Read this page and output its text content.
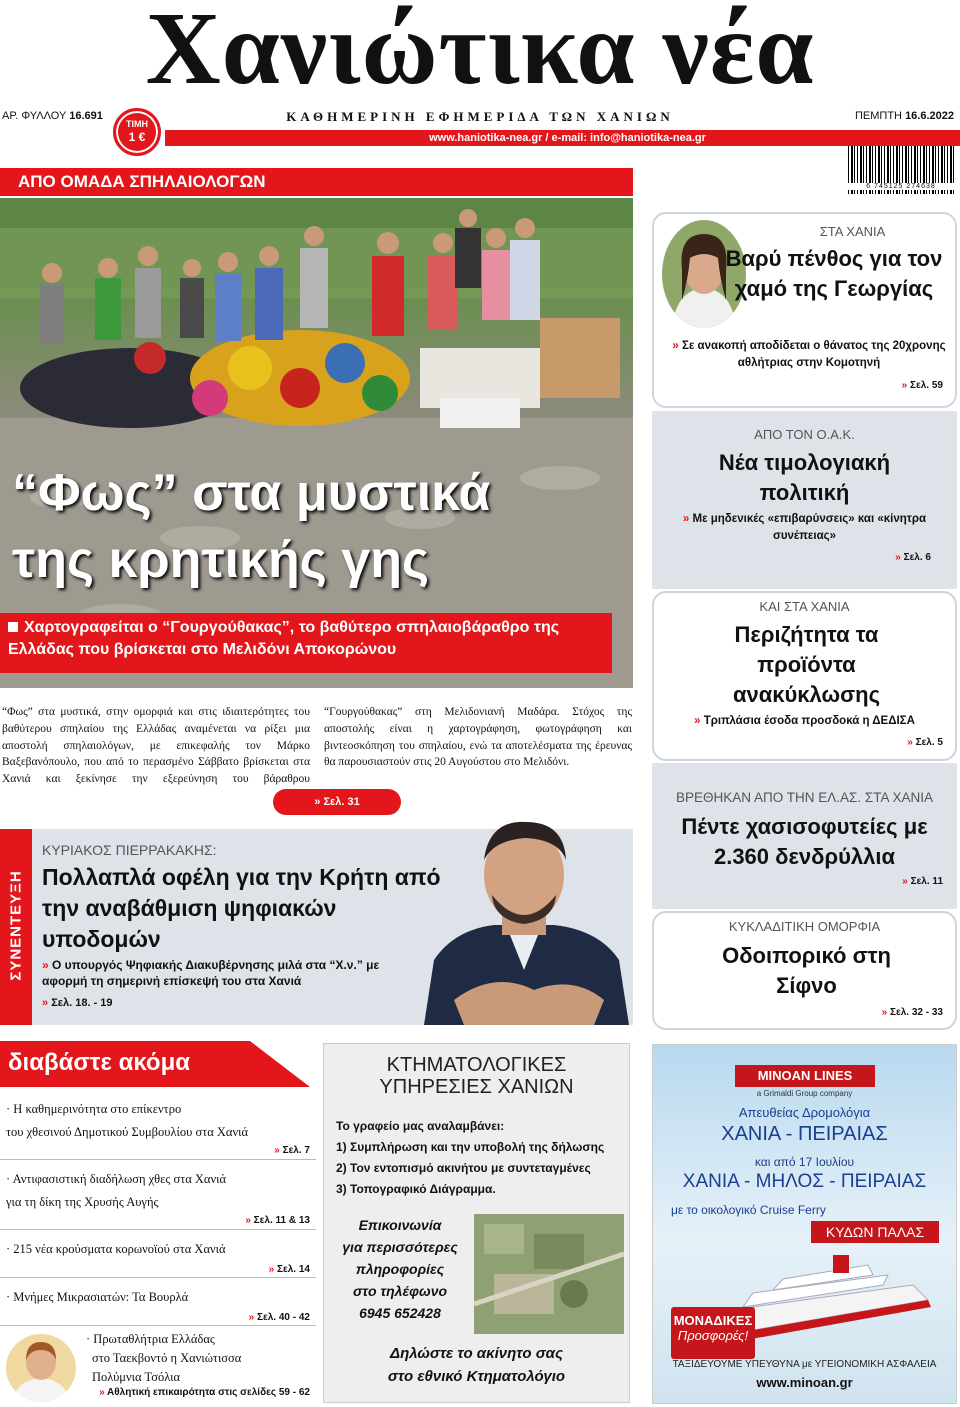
Χανιώτικα νέα
ΑΡ. ΦΥΛΛΟΥ 16.691	ΚΑΘΗΜΕΡΙΝΗ ΕΦΗΜΕΡΙΔΑ ΤΩΝ ΧΑΝΙΩΝ	ΠΕΜΠΤΗ 16.6.2022
www.haniotika-nea.gr / e-mail: info@haniotika-nea.gr
ΤΙΜΗ
1 €
6 745125 274638
ΑΠΟ ΟΜΑΔΑ ΣΠΗΛΑΙΟΛΟΓΩΝ
“Φως” στα μυστικά
της κρητικής γης
Χαρτογραφείται ο “Γουργούθακας”, το βαθύτερο σπηλαιοβάραθρο της Ελλάδας που βρίσκεται στο Μελιδόνι Αποκορώνου
“Φως” στα μυστικά, στην ομορφιά και στις ιδιαιτερότητες του βαθύτερου σπηλαίου της Ελλάδας αναμένεται να ρίξει μια αποστολή σπηλαιολόγων, με επικεφαλής τον Μάρκο Βαξεβανόπουλο, που από το περασμένο Σάββατο βρίσκεται στα Χανιά και ξεκίνησε την εξερεύνηση του βάραθρου “Γουργούθακας” στη Μελιδονιανή Μαδάρα. Στόχος της αποστολής είναι η χαρτογράφηση, φωτογράφηση και βιντεοσκόπηση του σπηλαίου, ενώ τα αποτελέσματα της έρευνας θα παρουσιαστούν στις 20 Αυγούστου στο Μελιδόνι.
» Σελ. 31
ΣΥΝΕΝΤΕΥΞΗ
ΚΥΡΙΑΚΟΣ ΠΙΕΡΡΑΚΑΚΗΣ:
Πολλαπλά οφέλη για την Κρήτη από την αναβάθμιση ψηφιακών υποδομών
» Ο υπουργός Ψηφιακής Διακυβέρνησης μιλά στα “Χ.ν.” με αφορμή τη σημερινή επίσκεψή του στα Χανιά
» Σελ. 18. - 19
ΣΤΑ ΧΑΝΙΑ
Βαρύ πένθος για τον χαμό της Γεωργίας
» Σε ανακοπή αποδίδεται ο θάνατος της 20χρονης αθλήτριας στην Κομοτηνή
» Σελ. 59
ΑΠΟ ΤΟΝ Ο.Α.Κ.
Νέα τιμολογιακή πολιτική
» Με μηδενικές «επιβαρύνσεις» και «κίνητρα συνέπειας»
» Σελ. 6
ΚΑΙ ΣΤΑ ΧΑΝΙΑ
Περιζήτητα τα προϊόντα ανακύκλωσης
» Τριπλάσια έσοδα προσδοκά η ΔΕΔΙΣΑ
» Σελ. 5
ΒΡΕΘΗΚΑΝ ΑΠΟ ΤΗΝ ΕΛ.ΑΣ. ΣΤΑ ΧΑΝΙΑ
Πέντε χασισοφυτείες με 2.360 δενδρύλλια
» Σελ. 11
ΚΥΚΛΑΔΙΤΙΚΗ ΟΜΟΡΦΙΑ
Οδοιπορικό στη Σίφνο
» Σελ. 32 - 33
διαβάστε ακόμα
· Η καθημερινότητα στο επίκεντρο
του χθεσινού Δημοτικού Συμβουλίου στα Χανιά
» Σελ. 7
· Αντιφασιστική διαδήλωση χθες στα Χανιά
για τη δίκη της Χρυσής Αυγής
» Σελ. 11 & 13
· 215 νέα κρούσματα κορωνοϊού στα Χανιά
» Σελ. 14
· Μνήμες Μικρασιατών: Τα Βουρλά
» Σελ. 40 - 42
· Πρωταθλήτρια Ελλάδας
στο Ταεκβοντό η Χανιώτισσα
Πολύμνια Τσόλια
» Αθλητική επικαιρότητα στις σελίδες 59 - 62
ΚΤΗΜΑΤΟΛΟΓΙΚΕΣ
ΥΠΗΡΕΣΙΕΣ ΧΑΝΙΩΝ
Το γραφείο μας αναλαμβάνει:
1) Συμπλήρωση και την υποβολή της δήλωσης
2) Τον εντοπισμό ακινήτου με συντεταγμένες
3) Τοπογραφικό Διάγραμμα.
Επικοινωνία
για περισσότερες
πληροφορίες
στο τηλέφωνο
6945 652428
Δηλώστε το ακίνητο σας
στο εθνικό Κτηματολόγιο
MINOAN LINES
a Grimaldi Group company
Απευθείας Δρομολόγια
ΧΑΝΙΑ - ΠΕΙΡΑΙΑΣ
και από 17 Ιουλίου
ΧΑΝΙΑ - ΜΗΛΟΣ - ΠΕΙΡΑΙΑΣ
με το οικολογικό Cruise Ferry
ΚΥΔΩΝ ΠΑΛΑΣ
ΜΟΝΑΔΙΚΕΣ
Προσφορές!
ΤΑΞΙΔΕΥΟΥΜΕ ΥΠΕΥΘΥΝΑ με ΥΓΕΙΟΝΟΜΙΚΗ ΑΣΦΑΛΕΙΑ
www.minoan.gr
